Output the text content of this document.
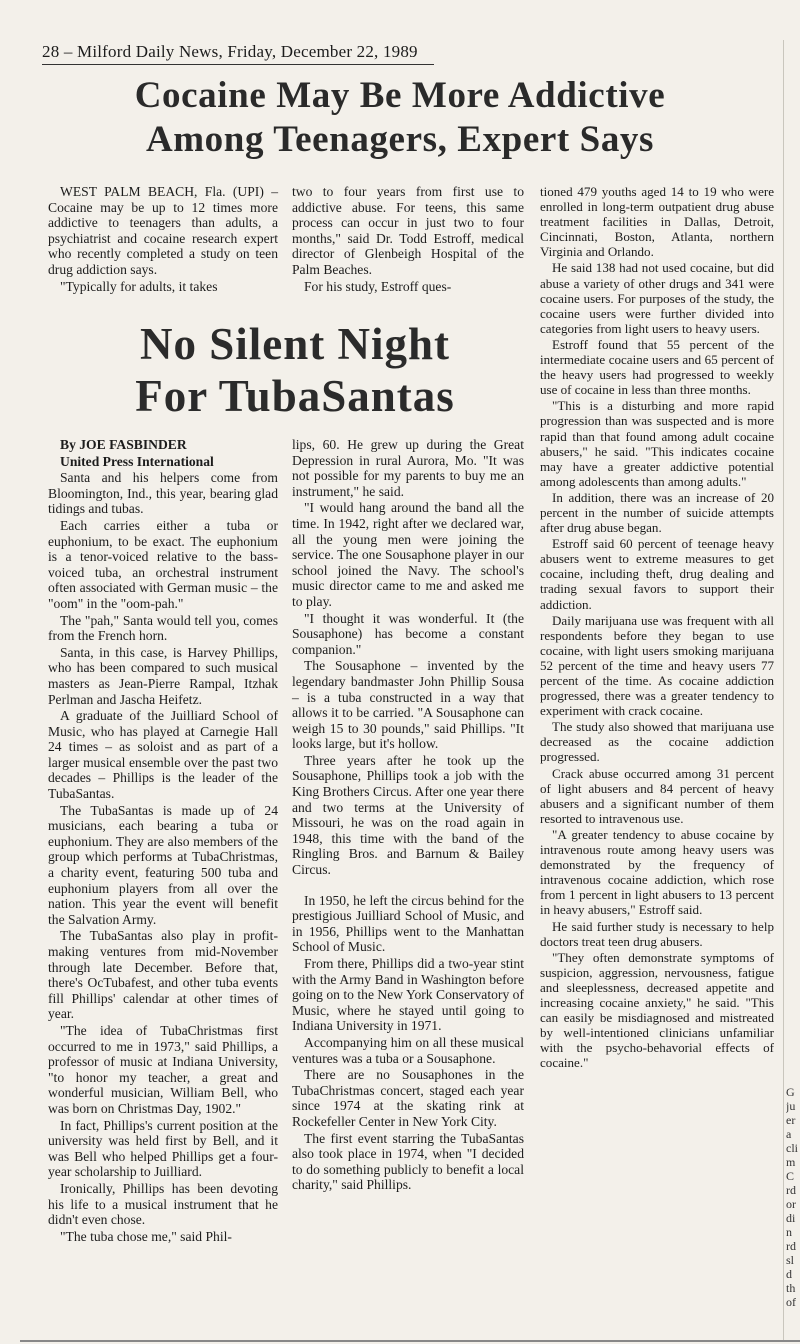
28 – Milford Daily News, Friday, December 22, 1989
Cocaine May Be More Addictive
Among Teenagers, Expert Says

WEST PALM BEACH, Fla. (UPI) – Cocaine may be up to 12 times more addictive to teenagers than adults, a psychiatrist and cocaine research expert who recently completed a study on teen drug addiction says.

"Typically for adults, it takes

two to four years from first use to addictive abuse. For teens, this same process can occur in just two to four months," said Dr. Todd Estroff, medical director of Glenbeigh Hospital of the Palm Beaches.

For his study, Estroff ques-

tioned 479 youths aged 14 to 19 who were enrolled in long-term outpatient drug abuse treatment facilities in Dallas, Detroit, Cincinnati, Boston, Atlanta, northern Virginia and Orlando.

He said 138 had not used cocaine, but did abuse a variety of other drugs and 341 were cocaine users. For purposes of the study, the cocaine users were further divided into categories from light users to heavy users.

Estroff found that 55 percent of the intermediate cocaine users and 65 percent of the heavy users had progressed to weekly use of cocaine in less than three months.

"This is a disturbing and more rapid progression than was suspected and is more rapid than that found among adult cocaine abusers," he said. "This indicates cocaine may have a greater addictive potential among adolescents than among adults."

In addition, there was an increase of 20 percent in the number of suicide attempts after drug abuse began.

Estroff said 60 percent of teenage heavy abusers went to extreme measures to get cocaine, including theft, drug dealing and trading sexual favors to support their addiction.

Daily marijuana use was frequent with all respondents before they began to use cocaine, with light users smoking marijuana 52 percent of the time and heavy users 77 percent of the time. As cocaine addiction progressed, there was a greater tendency to experiment with crack cocaine.

The study also showed that marijuana use decreased as the cocaine addiction progressed.

Crack abuse occurred among 31 percent of light abusers and 84 percent of heavy abusers and a significant number of them resorted to intravenous use.

"A greater tendency to abuse cocaine by intravenous route among heavy users was demonstrated by the frequency of intravenous cocaine addiction, which rose from 1 percent in light abusers to 13 percent in heavy abusers," Estroff said.

He said further study is necessary to help doctors treat teen drug abusers.

"They often demonstrate symptoms of suspicion, aggression, nervousness, fatigue and sleeplessness, decreased appetite and increasing cocaine anxiety," he said. "This can easily be misdiagnosed and mistreated by well-intentioned clinicians unfamiliar with the psycho-behavorial effects of cocaine."

No Silent Night
For TubaSantas

By JOE FASBINDER

United Press International

Santa and his helpers come from Bloomington, Ind., this year, bearing glad tidings and tubas.

Each carries either a tuba or euphonium, to be exact. The euphonium is a tenor-voiced relative to the bass-voiced tuba, an orchestral instrument often associated with German music – the "oom" in the "oom-pah."

The "pah," Santa would tell you, comes from the French horn.

Santa, in this case, is Harvey Phillips, who has been compared to such musical masters as Jean-Pierre Rampal, Itzhak Perlman and Jascha Heifetz.

A graduate of the Juilliard School of Music, who has played at Carnegie Hall 24 times – as soloist and as part of a larger musical ensemble over the past two decades – Phillips is the leader of the TubaSantas.

The TubaSantas is made up of 24 musicians, each bearing a tuba or euphonium. They are also members of the group which performs at TubaChristmas, a charity event, featuring 500 tuba and euphonium players from all over the nation. This year the event will benefit the Salvation Army.

The TubaSantas also play in profit-making ventures from mid-November through late December. Before that, there's OcTubafest, and other tuba events fill Phillips' calendar at other times of year.

"The idea of TubaChristmas first occurred to me in 1973," said Phillips, a professor of music at Indiana University, "to honor my teacher, a great and wonderful musician, William Bell, who was born on Christmas Day, 1902."

In fact, Phillips's current position at the university was held first by Bell, and it was Bell who helped Phillips get a four-year scholarship to Juilliard.

Ironically, Phillips has been devoting his life to a musical instrument that he didn't even chose.

"The tuba chose me," said Phil-

lips, 60. He grew up during the Great Depression in rural Aurora, Mo. "It was not possible for my parents to buy me an instrument," he said.

"I would hang around the band all the time. In 1942, right after we declared war, all the young men were joining the service. The one Sousaphone player in our school joined the Navy. The school's music director came to me and asked me to play.

"I thought it was wonderful. It (the Sousaphone) has become a constant companion."

The Sousaphone – invented by the legendary bandmaster John Phillip Sousa – is a tuba constructed in a way that allows it to be carried. "A Sousaphone can weigh 15 to 30 pounds," said Phillips. "It looks large, but it's hollow.

Three years after he took up the Sousaphone, Phillips took a job with the King Brothers Circus. After one year there and two terms at the University of Missouri, he was on the road again in 1948, this time with the band of the Ringling Bros. and Barnum & Bailey Circus.

In 1950, he left the circus behind for the prestigious Juilliard School of Music, and in 1956, Phillips went to the Manhattan School of Music.

From there, Phillips did a two-year stint with the Army Band in Washington before going on to the New York Conservatory of Music, where he stayed until going to Indiana University in 1971.

Accompanying him on all these musical ventures was a tuba or a Sousaphone.

There are no Sousaphones in the TubaChristmas concert, staged each year since 1974 at the skating rink at Rockefeller Center in New York City.

The first event starring the TubaSantas also took place in 1974, when "I decided to do something publicly to benefit a local charity," said Phillips.

G ju er a cli m C rd or di n rd sl d th of
